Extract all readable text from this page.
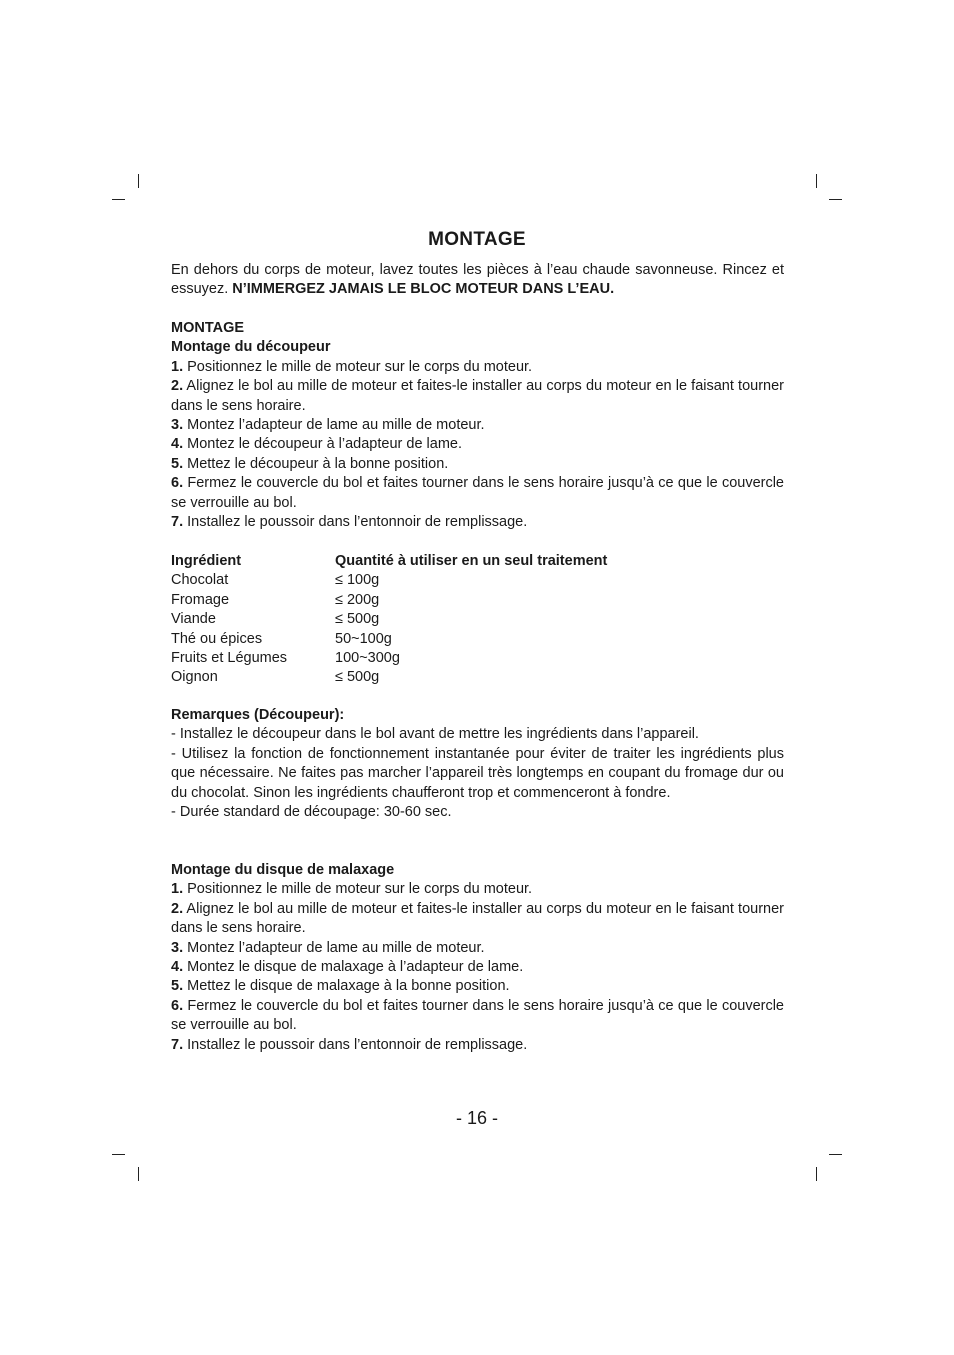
MONTAGE
En dehors du corps de moteur, lavez toutes les pièces à l’eau chaude savonneuse. Rincez et essuyez. N’IMMERGEZ JAMAIS LE BLOC MOTEUR DANS L’EAU.

MONTAGE

Montage du découpeur

1. Positionnez le mille de moteur sur le corps du moteur.

2. Alignez le bol au mille de moteur et faites-le installer au corps du moteur en le faisant tourner dans le sens horaire.

3. Montez l’adapteur de lame au mille de moteur.

4. Montez le découpeur à l’adapteur de lame.

5. Mettez le découpeur à la bonne position.

6. Fermez le couvercle du bol et faites tourner dans le sens horaire jusqu’à ce que le couvercle se verrouille au bol.

7. Installez le poussoir dans l’entonnoir de remplissage.

Ingrédient	Quantité à utiliser en un seul traitement
Chocolat	≤ 100g
Fromage	≤ 200g
Viande	≤ 500g
Thé ou épices	50~100g
Fruits et Légumes	100~300g
Oignon	≤ 500g

Remarques (Découpeur):

- Installez le découpeur dans le bol avant de mettre les ingrédients dans l’appareil.

- Utilisez la fonction de fonctionnement instantanée pour éviter de traiter les ingrédients plus que nécessaire. Ne faites pas marcher l’appareil très longtemps en coupant du fromage dur ou du chocolat. Sinon les ingrédients chaufferont trop et commenceront à fondre.

- Durée standard de découpage: 30-60 sec.

Montage du disque de malaxage

1. Positionnez le mille de moteur sur le corps du moteur.

2. Alignez le bol au mille de moteur et faites-le installer au corps du moteur en le faisant tourner dans le sens horaire.

3. Montez l’adapteur de lame au mille de moteur.

4. Montez le disque de malaxage à l’adapteur de lame.

5. Mettez le disque de malaxage à la bonne position.

6. Fermez le couvercle du bol et faites tourner dans le sens horaire jusqu’à ce que le couvercle se verrouille au bol.

7. Installez le poussoir dans l’entonnoir de remplissage.

- 16 -
